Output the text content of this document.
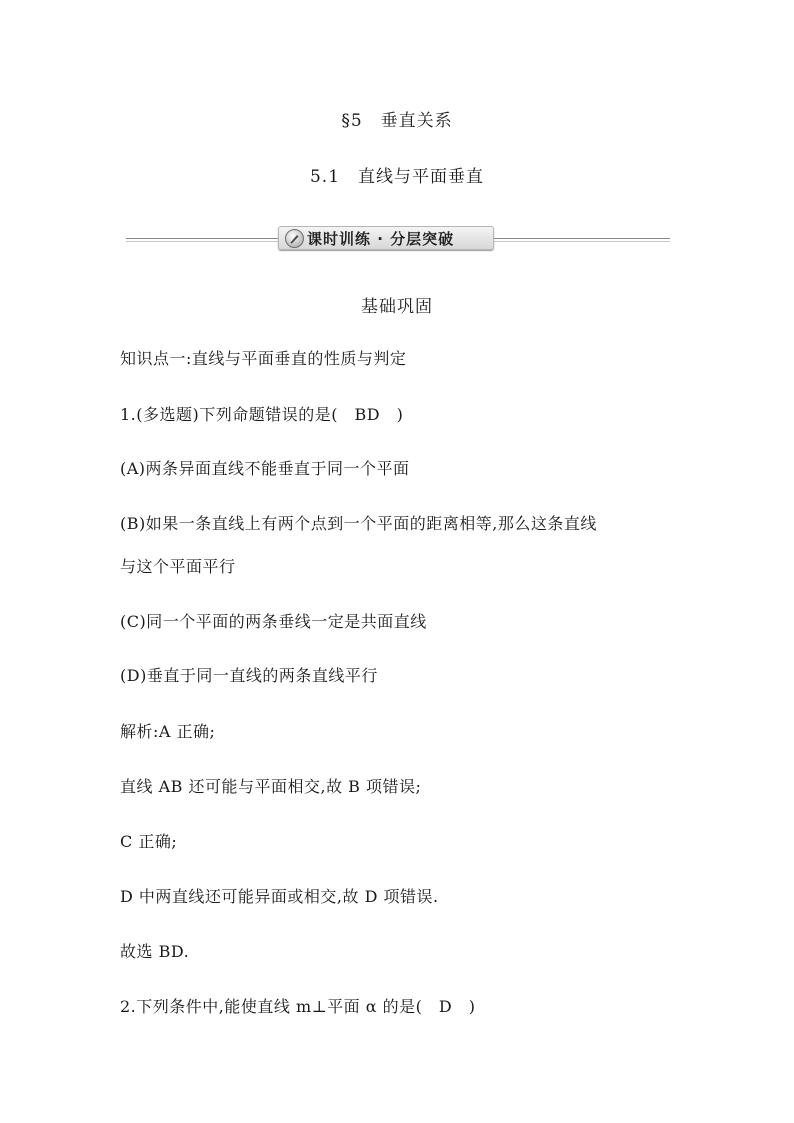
§5　垂直关系
5.1　直线与平面垂直
课时训练 · 分层突破
基础巩固
知识点一:直线与平面垂直的性质与判定
1.(多选题)下列命题错误的是(　BD　)
(A)两条异面直线不能垂直于同一个平面
(B)如果一条直线上有两个点到一个平面的距离相等,那么这条直线
与这个平面平行
(C)同一个平面的两条垂线一定是共面直线
(D)垂直于同一直线的两条直线平行
解析:A 正确;
直线 AB 还可能与平面相交,故 B 项错误;
C 正确;
D 中两直线还可能异面或相交,故 D 项错误.
故选 BD.
2.下列条件中,能使直线 m⊥平面 α 的是(　D　)
